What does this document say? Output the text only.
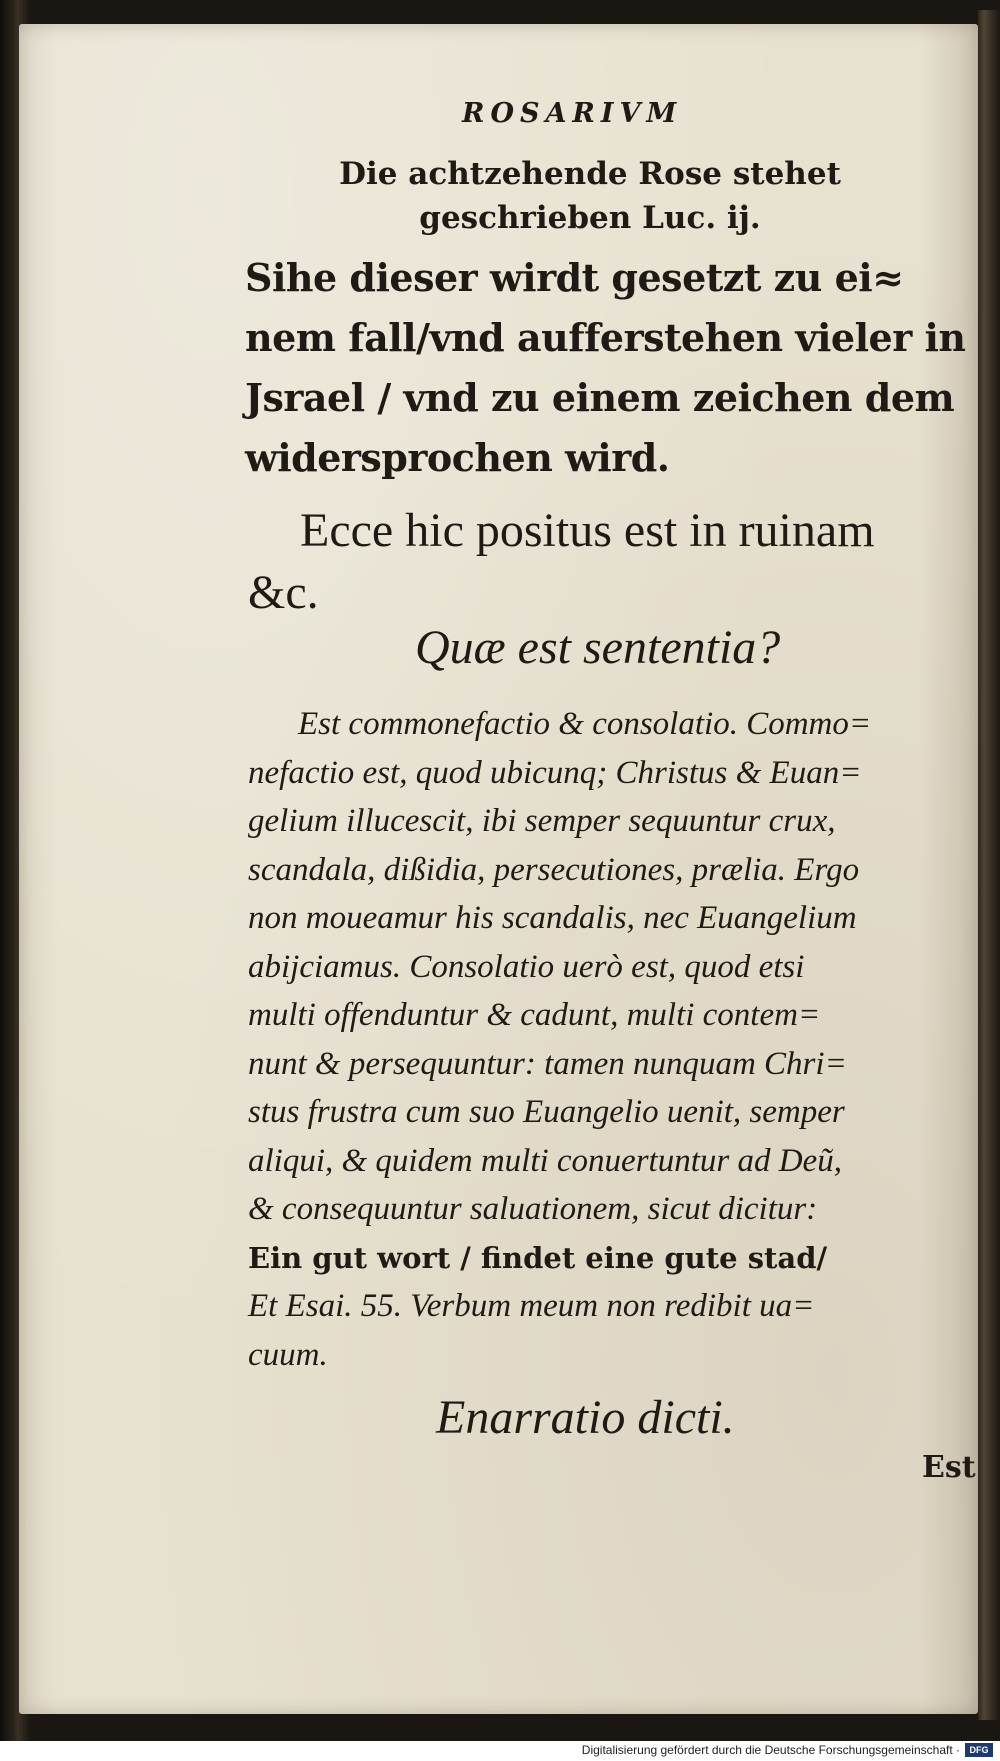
ROSARIVM
Die achtzehende Rose stehet
geschrieben Luc. ij.
Sihe dieser wirdt gesetzt zu ei≈
nem fall/vnd aufferstehen vieler in
Jsrael / vnd zu einem zeichen dem
widersprochen wird.
Ecce hic positus est in ruinam
&c.
Quæ est sententia?
Est commonefactio & consolatio. Commo=
nefactio est, quod ubicunq; Christus & Euan=
gelium illucescit, ibi semper sequuntur crux,
scandala, dißidia, persecutiones, prælia. Ergo
non moueamur his scandalis, nec Euangelium
abijciamus. Consolatio uerò est, quod etsi
multi offenduntur & cadunt, multi contem=
nunt & persequuntur: tamen nunquam Chri=
stus frustra cum suo Euangelio uenit, semper
aliqui, & quidem multi conuertuntur ad Deũ,
& consequuntur saluationem, sicut dicitur:
Ein gut wort / findet eine gute stad/
Et Esai. 55. Verbum meum non redibit ua=
cuum.
Enarratio dicti.
Est
Digitalisierung gefördert durch die Deutsche Forschungsgemeinschaft ·	DFG
